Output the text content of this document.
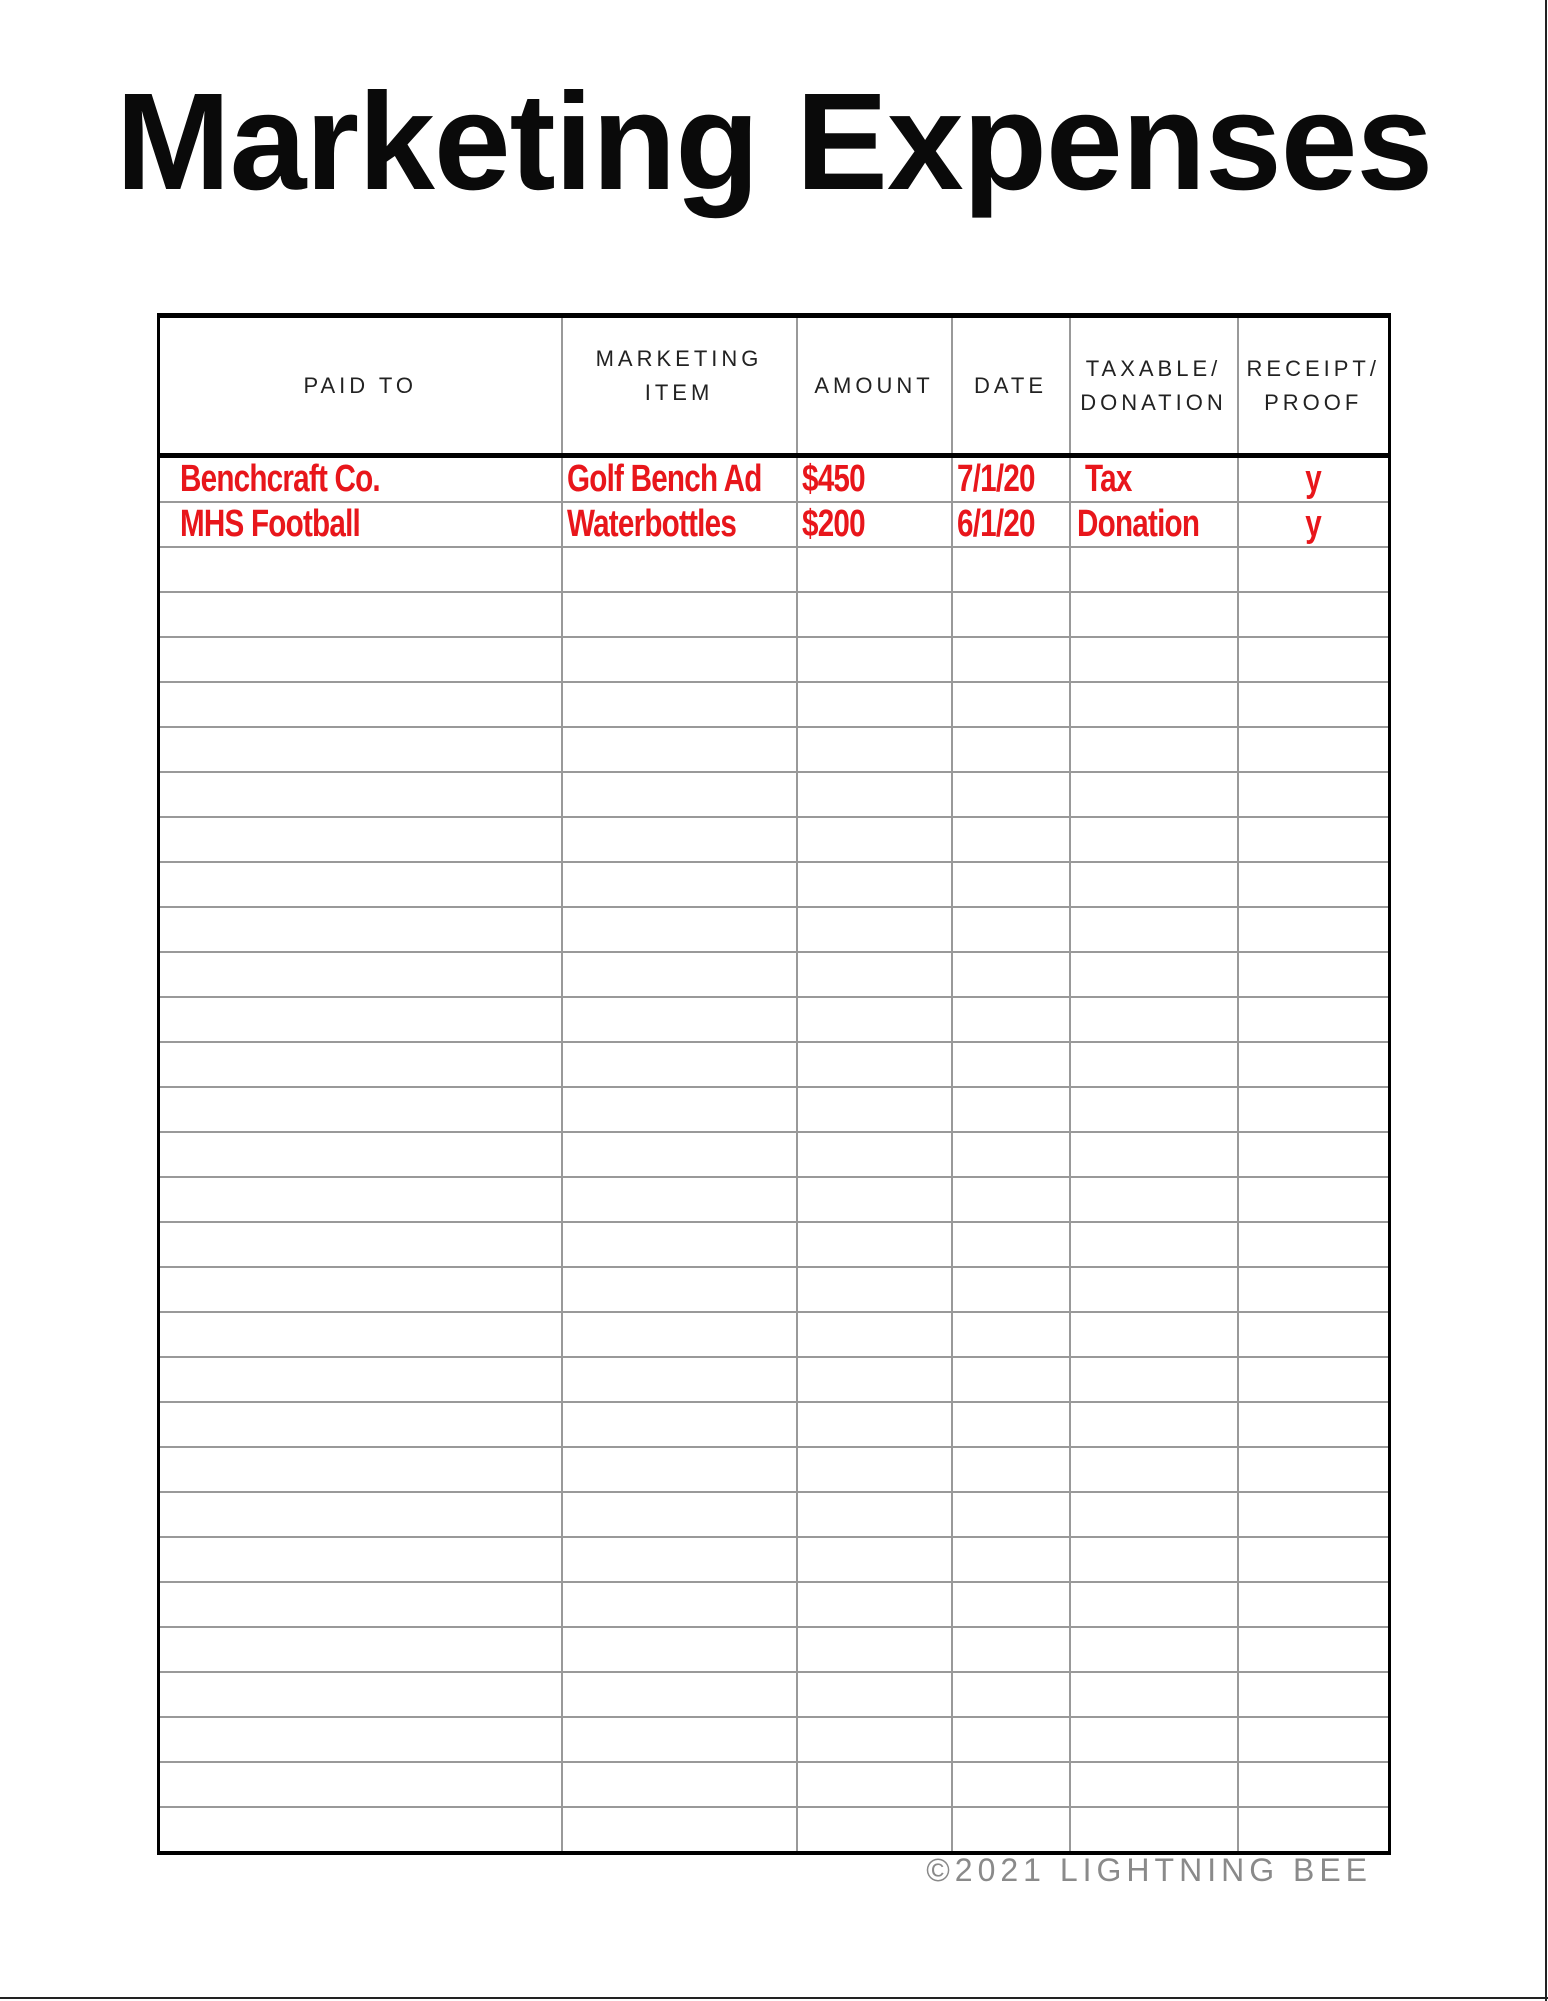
Marketing Expenses
PAID TO	MARKETING ITEM	AMOUNT	DATE	TAXABLE/ DONATION	RECEIPT/ PROOF
Benchcraft Co.	Golf Bench Ad	$450	7/1/20	Tax	y
MHS Football	Waterbottles	$200	6/1/20	Donation	y

©2021 LIGHTNING BEE
